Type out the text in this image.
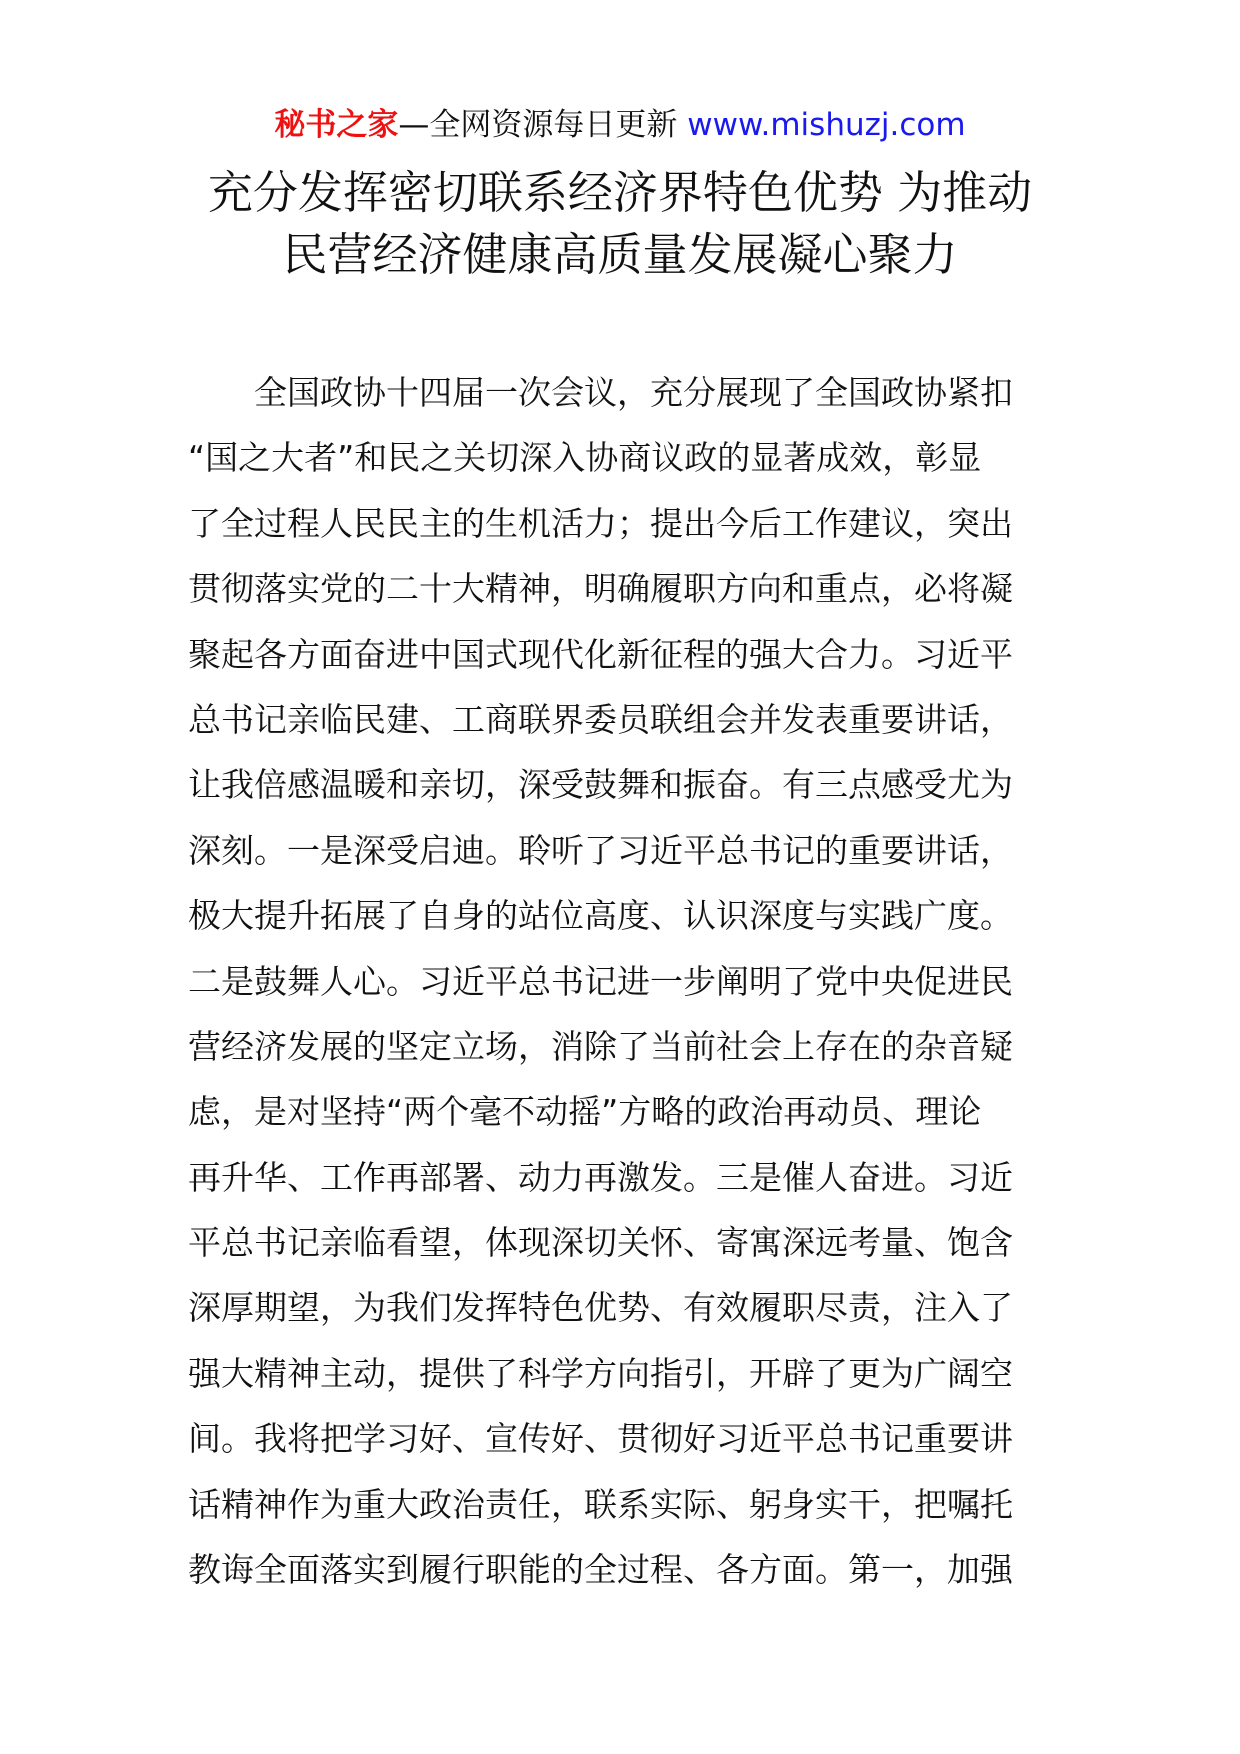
秘书之家—全网资源每日更新 www.mishuzj.com
充分发挥密切联系经济界特色优势 为推动
民营经济健康高质量发展凝心聚力
全国政协十四届一次会议，充分展现了全国政协紧扣
“国之大者”和民之关切深入协商议政的显著成效，彰显
了全过程人民民主的生机活力；提出今后工作建议，突出
贯彻落实党的二十大精神，明确履职方向和重点，必将凝
聚起各方面奋进中国式现代化新征程的强大合力。习近平
总书记亲临民建、工商联界委员联组会并发表重要讲话，
让我倍感温暖和亲切，深受鼓舞和振奋。有三点感受尤为
深刻。一是深受启迪。聆听了习近平总书记的重要讲话，
极大提升拓展了自身的站位高度、认识深度与实践广度。
二是鼓舞人心。习近平总书记进一步阐明了党中央促进民
营经济发展的坚定立场，消除了当前社会上存在的杂音疑
虑，是对坚持“两个毫不动摇”方略的政治再动员、理论
再升华、工作再部署、动力再激发。三是催人奋进。习近
平总书记亲临看望，体现深切关怀、寄寓深远考量、饱含
深厚期望，为我们发挥特色优势、有效履职尽责，注入了
强大精神主动，提供了科学方向指引，开辟了更为广阔空
间。我将把学习好、宣传好、贯彻好习近平总书记重要讲
话精神作为重大政治责任，联系实际、躬身实干，把嘱托
教诲全面落实到履行职能的全过程、各方面。第一，加强
